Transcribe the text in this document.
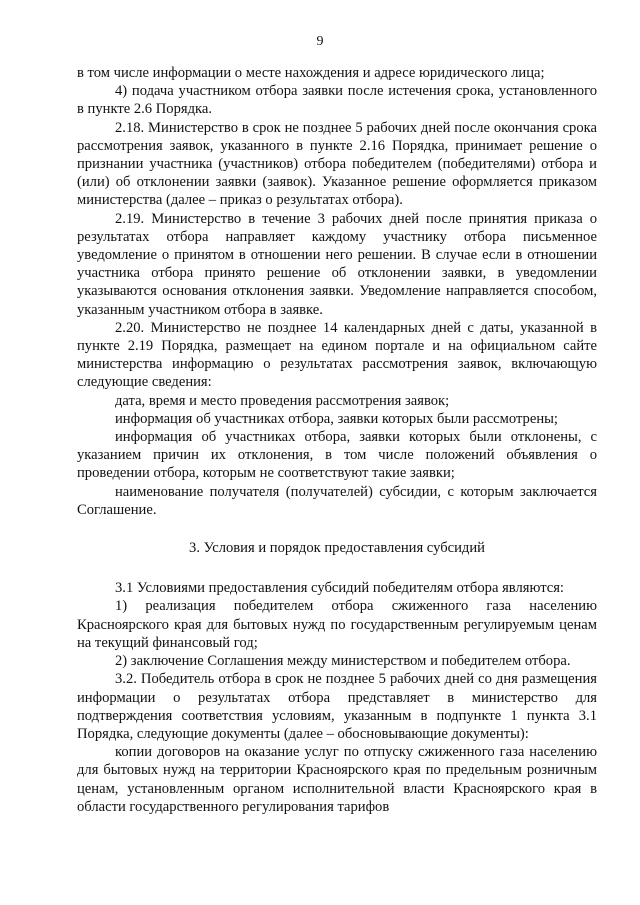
9

в том числе информации о месте нахождения и адресе юридического лица;

4) подача участником отбора заявки после истечения срока, установленного в пункте 2.6 Порядка.

2.18. Министерство в срок не позднее 5 рабочих дней после окончания срока рассмотрения заявок, указанного в пункте 2.16 Порядка, принимает решение о признании участника (участников) отбора победителем (победителями) отбора и (или) об отклонении заявки (заявок). Указанное решение оформляется приказом министерства (далее – приказ о результатах отбора).

2.19. Министерство в течение 3 рабочих дней после принятия приказа о результатах отбора направляет каждому участнику отбора письменное уведомление о принятом в отношении него решении. В случае если в отношении участника отбора принято решение об отклонении заявки, в уведомлении указываются основания отклонения заявки. Уведомление направляется способом, указанным участником отбора в заявке.

2.20. Министерство не позднее 14 календарных дней с даты, указанной в пункте 2.19 Порядка, размещает на едином портале и на официальном сайте министерства информацию о результатах рассмотрения заявок, включающую следующие сведения:

дата, время и место проведения рассмотрения заявок;

информация об участниках отбора, заявки которых были рассмотрены;

информация об участниках отбора, заявки которых были отклонены, с указанием причин их отклонения, в том числе положений объявления о проведении отбора, которым не соответствуют такие заявки;

наименование получателя (получателей) субсидии, с которым заключается Соглашение.

3. Условия и порядок предоставления субсидий

3.1 Условиями предоставления субсидий победителям отбора являются:

1) реализация победителем отбора сжиженного газа населению Красноярского края для бытовых нужд по государственным регулируемым ценам на текущий финансовый год;

2) заключение Соглашения между министерством и победителем отбора.

3.2. Победитель отбора в срок не позднее 5 рабочих дней со дня размещения информации о результатах отбора представляет в министерство для подтверждения соответствия условиям, указанным в подпункте 1 пункта 3.1 Порядка, следующие документы (далее – обосновывающие документы):

копии договоров на оказание услуг по отпуску сжиженного газа населению для бытовых нужд на территории Красноярского края по предельным розничным ценам, установленным органом исполнительной власти Красноярского края в области государственного регулирования тарифов
